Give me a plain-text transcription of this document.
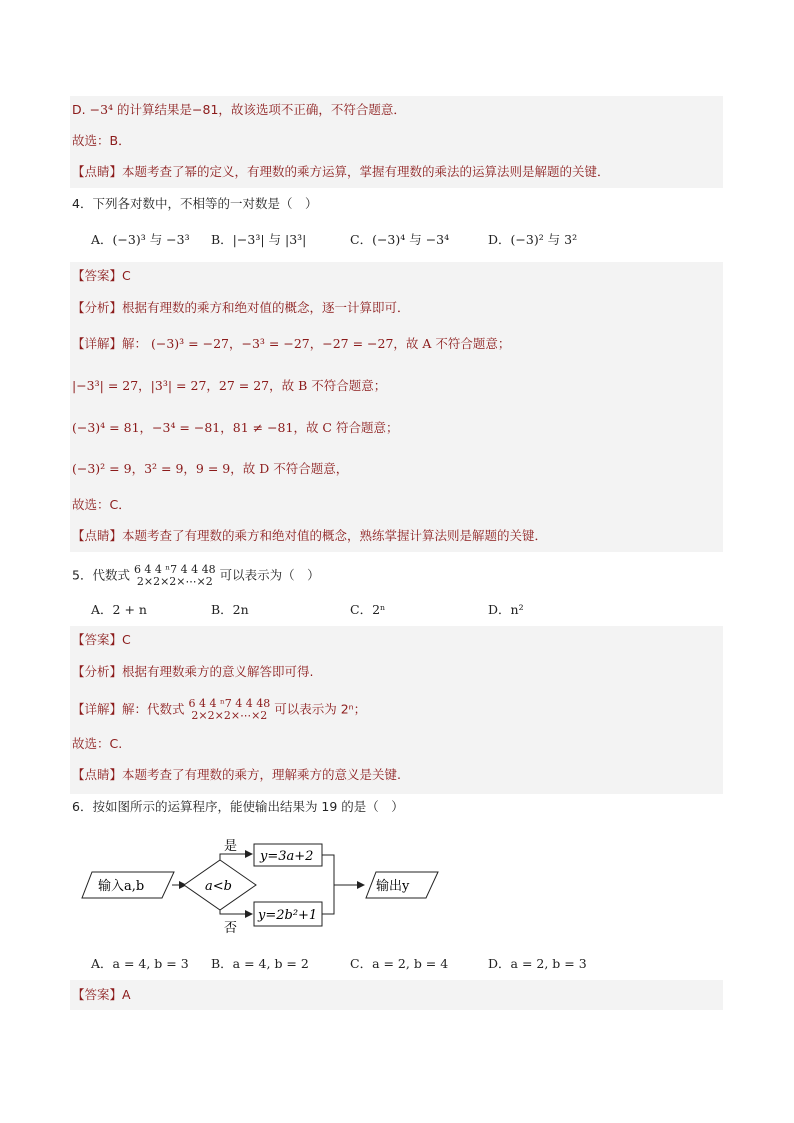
D. −3⁴ 的计算结果是−81，故该选项不正确，不符合题意．
故选：B．
【点睛】本题考查了幂的定义，有理数的乘方运算，掌握有理数的乘法的运算法则是解题的关键．
4．下列各对数中，不相等的一对数是（　）
A．(−3)³ 与 −3³ B．|−3³| 与 |3³|	C．(−3)⁴ 与 −3⁴	D．(−3)² 与 3²
【答案】C
【分析】根据有理数的乘方和绝对值的概念，逐一计算即可．
【详解】解： (−3)³ = −27，−3³ = −27，−27 = −27，故 A 不符合题意；
|−3³| = 27，|3³| = 27，27 = 27，故 B 不符合题意；
(−3)⁴ = 81，−3⁴ = −81，81 ≠ −81，故 C 符合题意；
(−3)² = 9，3² = 9，9 = 9，故 D 不符合题意，
故选：C．
【点睛】本题考查了有理数的乘方和绝对值的概念，熟练掌握计算法则是解题的关键．
5．代数式 6 4 4 ⁿ7 4 4 48
2×2×2×⋯×2 可以表示为（　）
A．2 + n	B．2n	C．2ⁿ	D．n²
【答案】C
【分析】根据有理数乘方的意义解答即可得.
【详解】解：代数式 6 4 4 ⁿ7 4 4 48
2×2×2×⋯×2 可以表示为 2ⁿ；
故选：C.
【点睛】本题考查了有理数的乘方，理解乘方的意义是关键.
6．按如图所示的运算程序，能使输出结果为 19 的是（　）
输入a,b	a<b
是
否
y=3a+2
y=2b²+1
输出y
A．a = 4, b = 3 B．a = 4, b = 2	C．a = 2, b = 4	D．a = 2, b = 3
【答案】A
